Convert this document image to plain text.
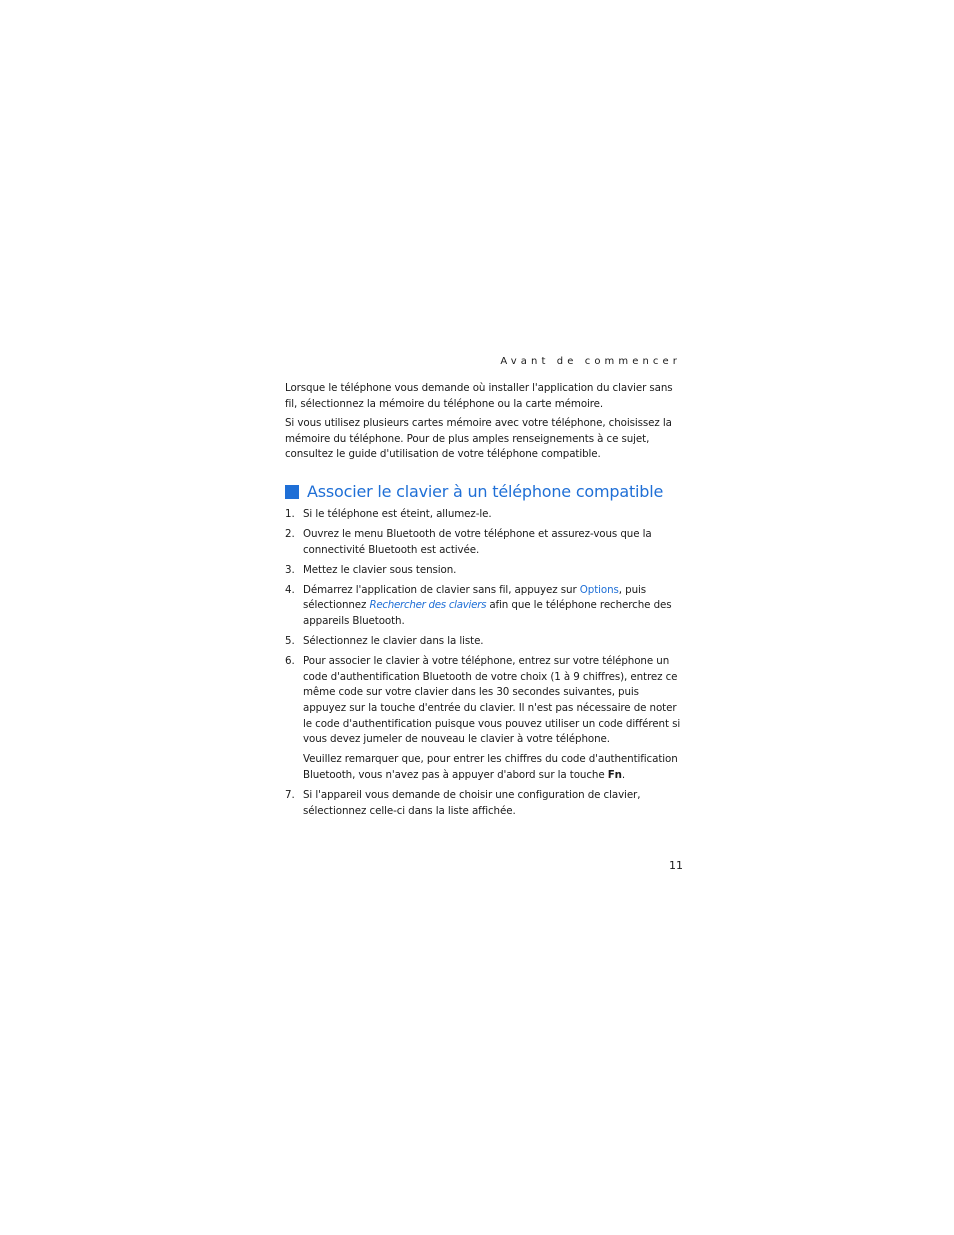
Avant de commencer

Lorsque le téléphone vous demande où installer l'application du clavier sans fil, sélectionnez la mémoire du téléphone ou la carte mémoire.

Si vous utilisez plusieurs cartes mémoire avec votre téléphone, choisissez la mémoire du téléphone. Pour de plus amples renseignements à ce sujet, consultez le guide d'utilisation de votre téléphone compatible.

Associer le clavier à un téléphone compatible
1. Si le téléphone est éteint, allumez-le.

2. Ouvrez le menu Bluetooth de votre téléphone et assurez-vous que la connectivité Bluetooth est activée.

3. Mettez le clavier sous tension.

4. Démarrez l'application de clavier sans fil, appuyez sur Options, puis sélectionnez Rechercher des claviers afin que le téléphone recherche des appareils Bluetooth.

5. Sélectionnez le clavier dans la liste.

6. Pour associer le clavier à votre téléphone, entrez sur votre téléphone un code d'authentification Bluetooth de votre choix (1 à 9 chiffres), entrez ce même code sur votre clavier dans les 30 secondes suivantes, puis appuyez sur la touche d'entrée du clavier. Il n'est pas nécessaire de noter le code d'authentification puisque vous pouvez utiliser un code différent si vous devez jumeler de nouveau le clavier à votre téléphone.

Veuillez remarquer que, pour entrer les chiffres du code d'authentification Bluetooth, vous n'avez pas à appuyer d'abord sur la touche Fn.

7. Si l'appareil vous demande de choisir une configuration de clavier, sélectionnez celle-ci dans la liste affichée.

11
